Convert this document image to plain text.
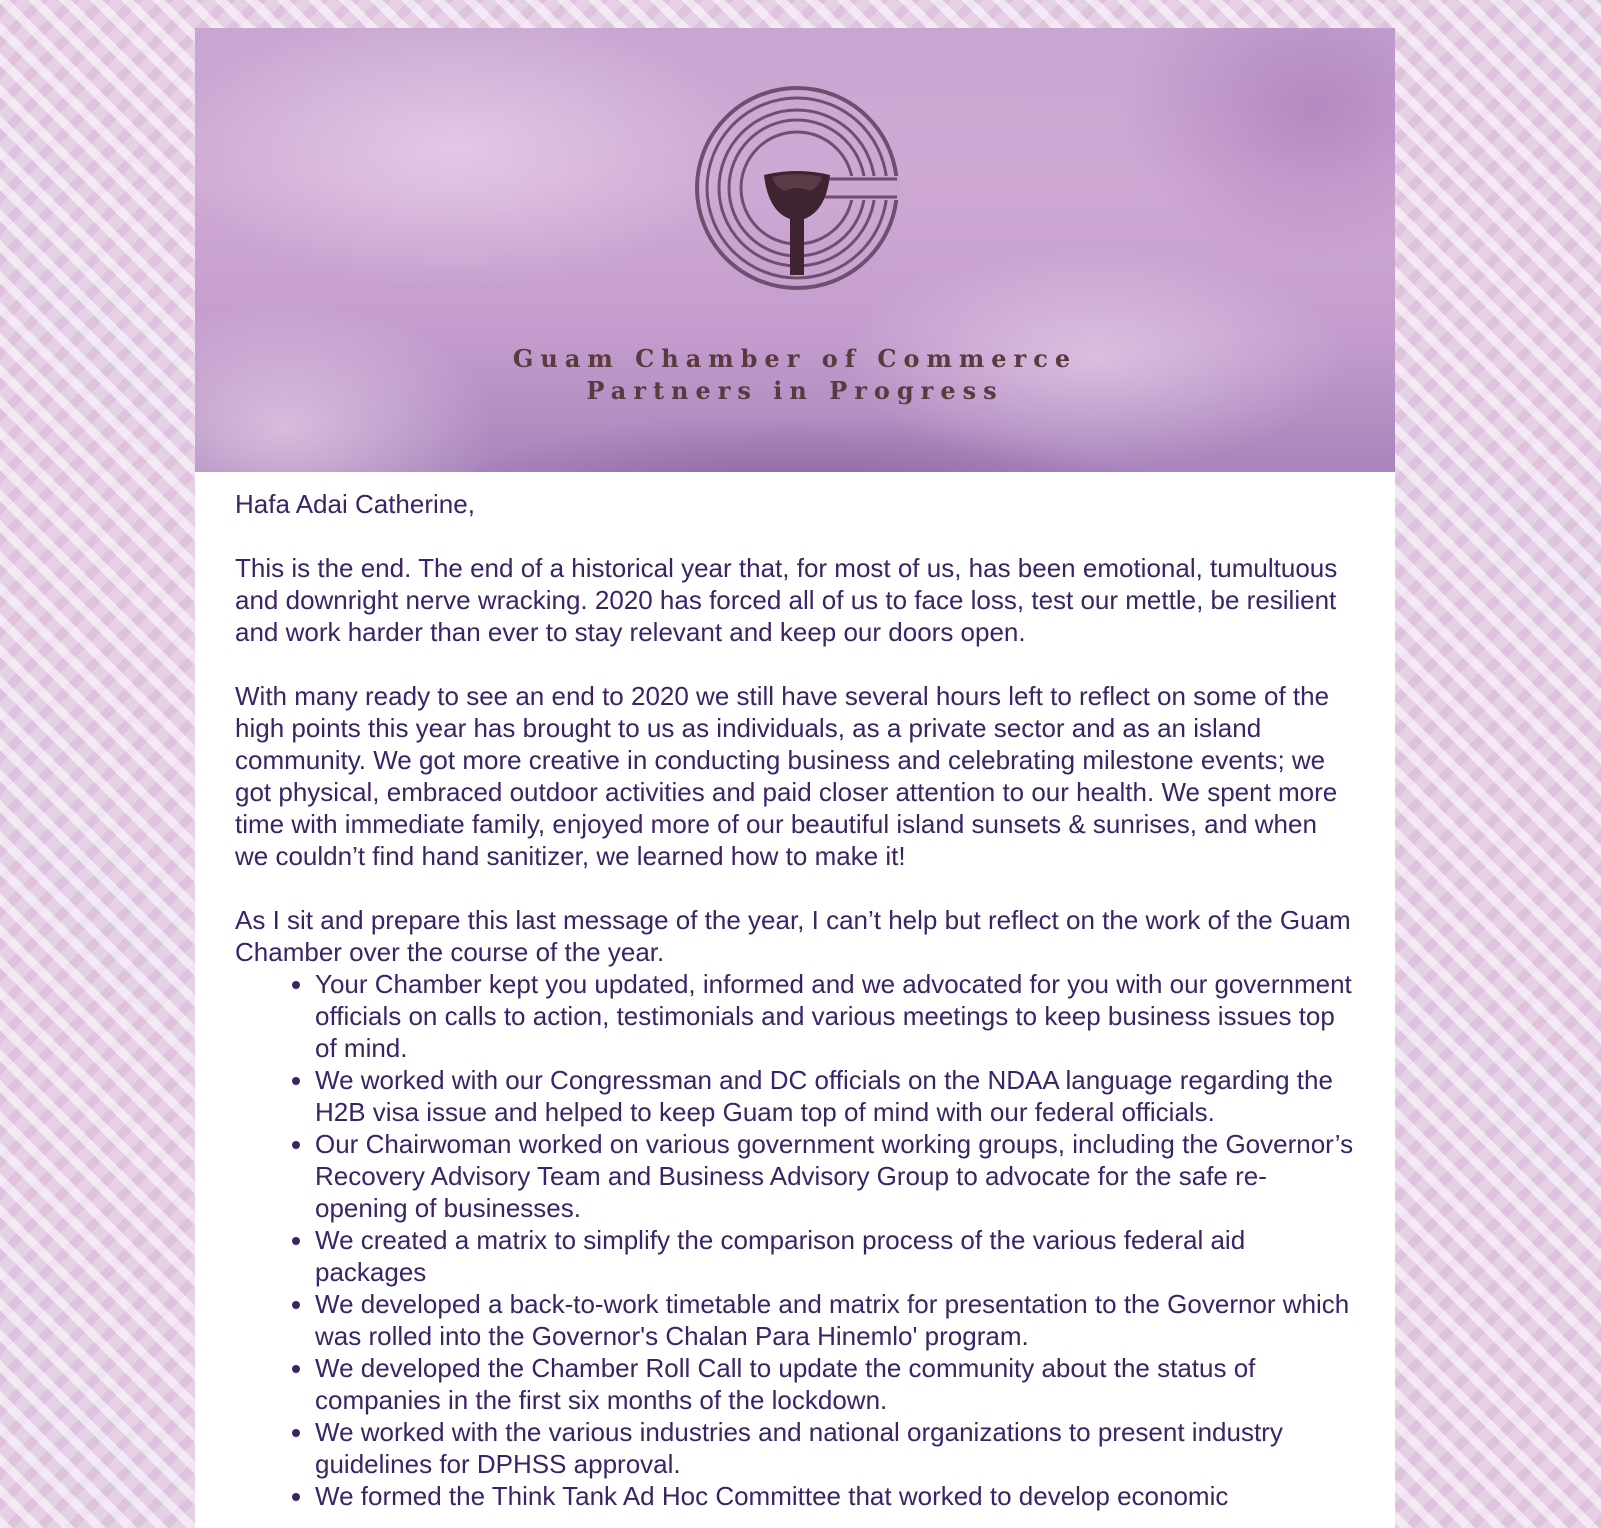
Guam Chamber of Commerce
Partners in Progress

Hafa Adai Catherine,

This is the end. The end of a historical year that, for most of us, has been emotional, tumultuous and downright nerve wracking. 2020 has forced all of us to face loss, test our mettle, be resilient and work harder than ever to stay relevant and keep our doors open.

With many ready to see an end to 2020 we still have several hours left to reflect on some of the high points this year has brought to us as individuals, as a private sector and as an island community. We got more creative in conducting business and celebrating milestone events; we got physical, embraced outdoor activities and paid closer attention to our health. We spent more time with immediate family, enjoyed more of our beautiful island sunsets & sunrises, and when we couldn’t find hand sanitizer, we learned how to make it!

As I sit and prepare this last message of the year, I can’t help but reflect on the work of the Guam Chamber over the course of the year.

• Your Chamber kept you updated, informed and we advocated for you with our government officials on calls to action, testimonials and various meetings to keep business issues top of mind.
• We worked with our Congressman and DC officials on the NDAA language regarding the H2B visa issue and helped to keep Guam top of mind with our federal officials.
• Our Chairwoman worked on various government working groups, including the Governor’s Recovery Advisory Team and Business Advisory Group to advocate for the safe re-opening of businesses.
• We created a matrix to simplify the comparison process of the various federal aid packages
• We developed a back-to-work timetable and matrix for presentation to the Governor which was rolled into the Governor's Chalan Para Hinemlo' program.
• We developed the Chamber Roll Call to update the community about the status of companies in the first six months of the lockdown.
• We worked with the various industries and national organizations to present industry guidelines for DPHSS approval.
• We formed the Think Tank Ad Hoc Committee that worked to develop economic
